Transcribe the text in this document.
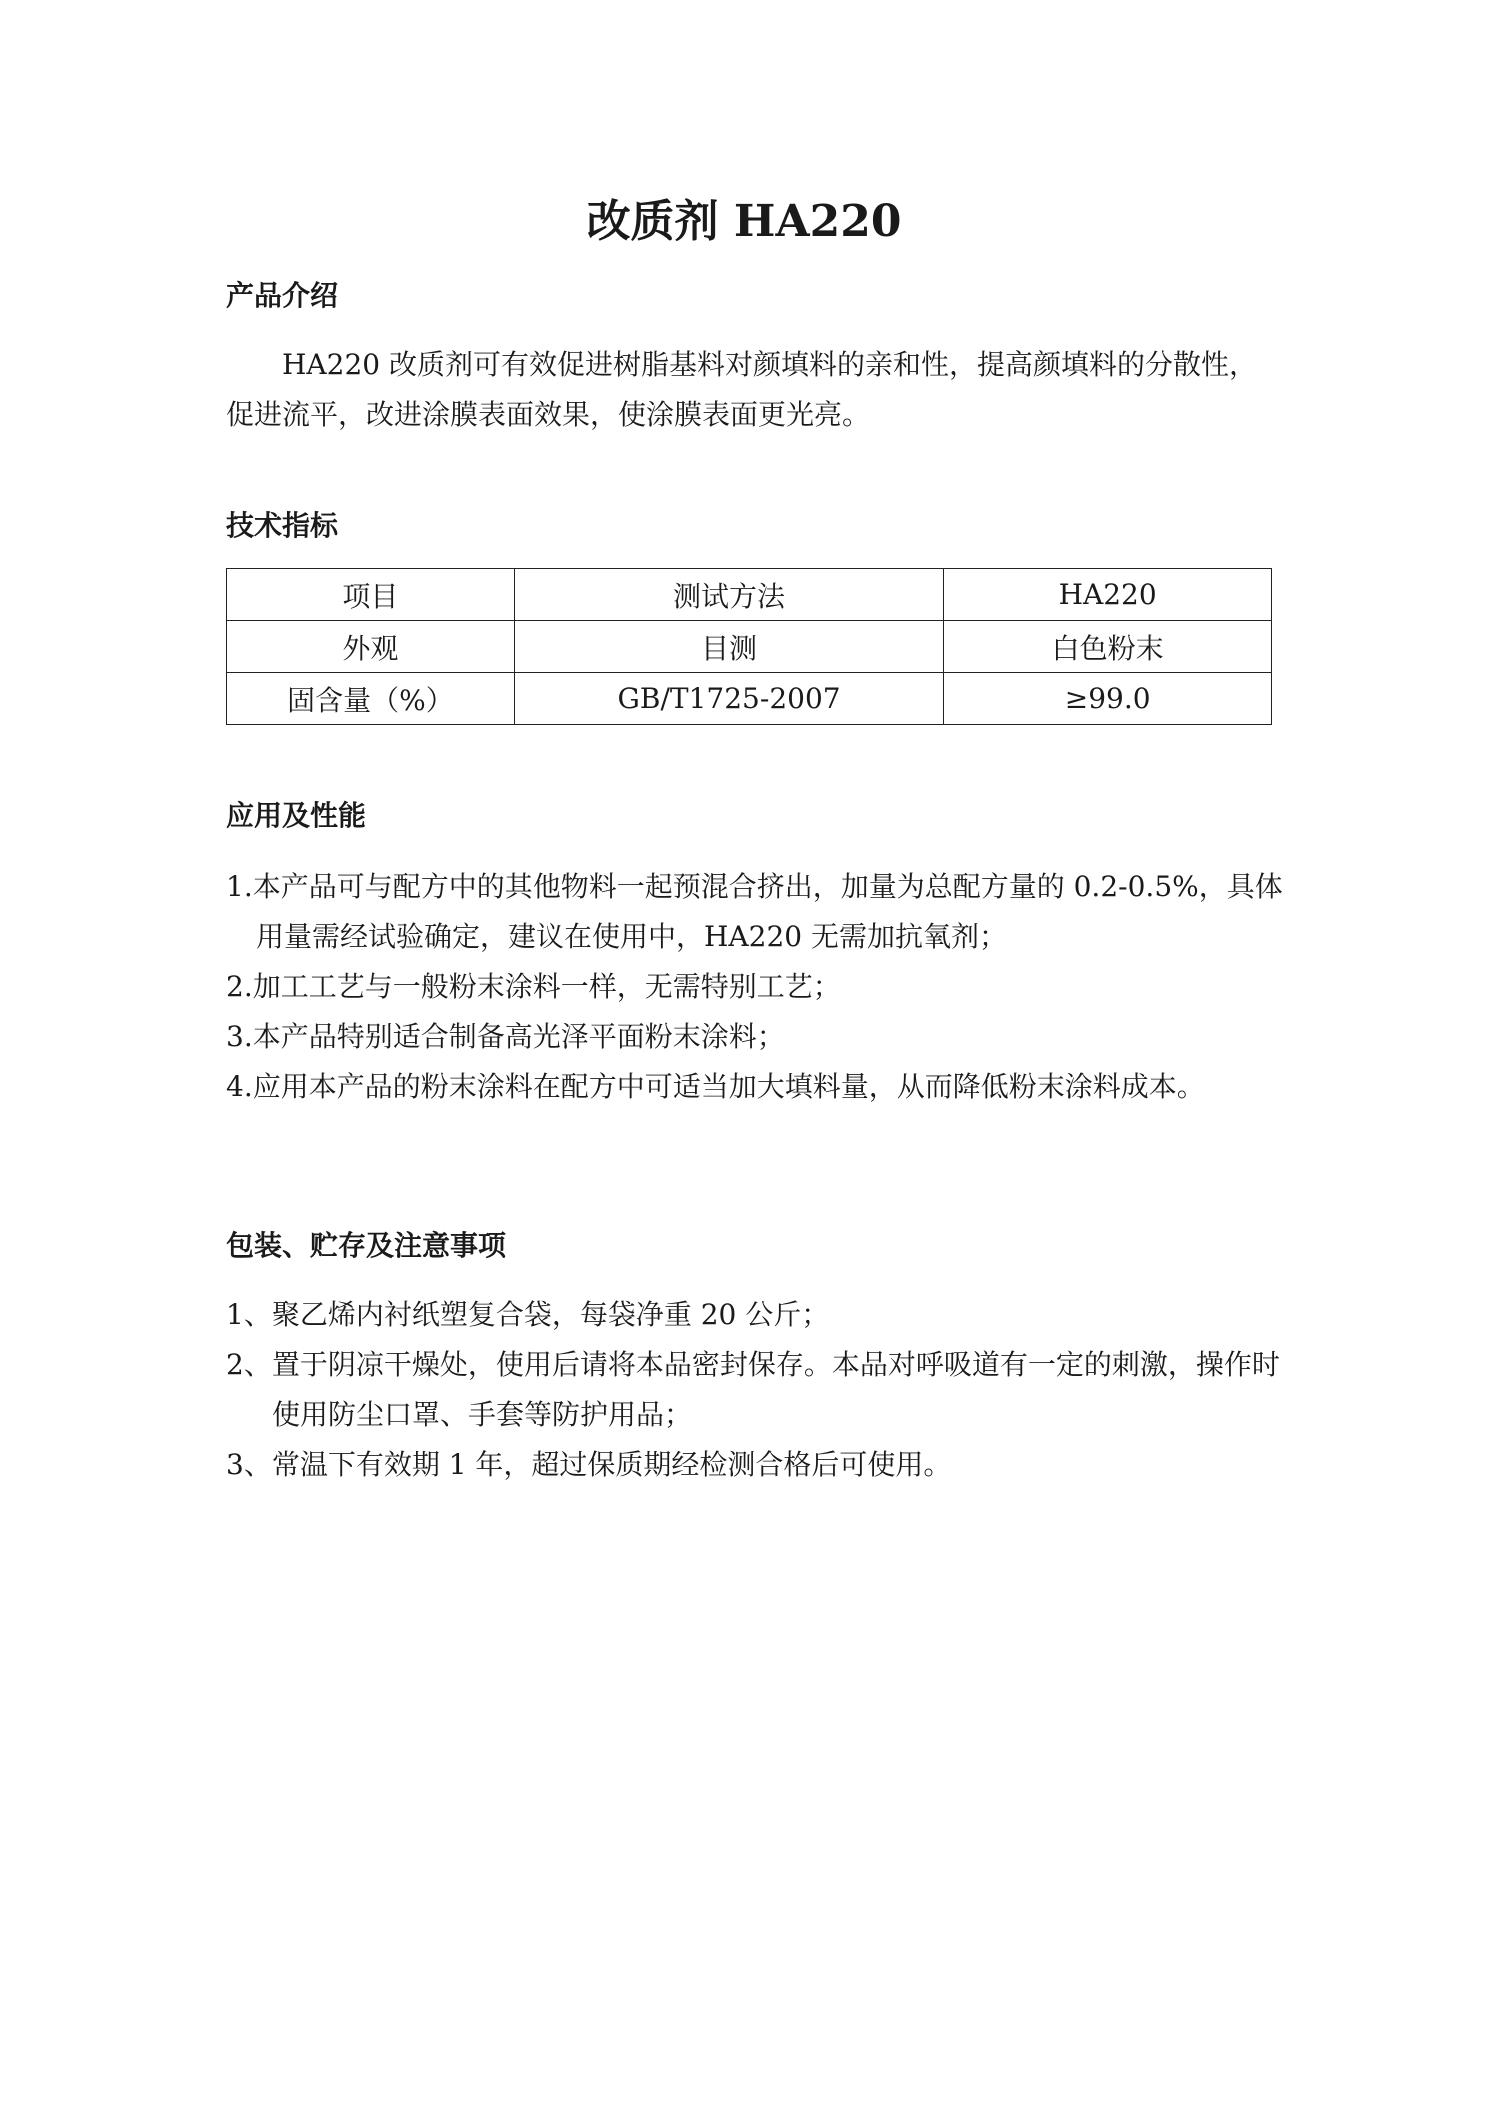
改质剂 HA220
产品介绍

HA220 改质剂可有效促进树脂基料对颜填料的亲和性，提高颜填料的分散性，促进流平，改进涂膜表面效果，使涂膜表面更光亮。

技术指标
项目	测试方法	HA220
外观	目测	白色粉末
固含量（%）	GB/T1725-2007	≥99.0
应用及性能
1.本产品可与配方中的其他物料一起预混合挤出，加量为总配方量的 0.2-0.5%，具体用量需经试验确定，建议在使用中，HA220 无需加抗氧剂；
2.加工工艺与一般粉末涂料一样，无需特别工艺；
3.本产品特别适合制备高光泽平面粉末涂料；
4.应用本产品的粉末涂料在配方中可适当加大填料量，从而降低粉末涂料成本。
包装、贮存及注意事项
1、聚乙烯内衬纸塑复合袋，每袋净重 20 公斤；
2、置于阴凉干燥处，使用后请将本品密封保存。本品对呼吸道有一定的刺激，操作时使用防尘口罩、手套等防护用品；
3、常温下有效期 1 年，超过保质期经检测合格后可使用。
